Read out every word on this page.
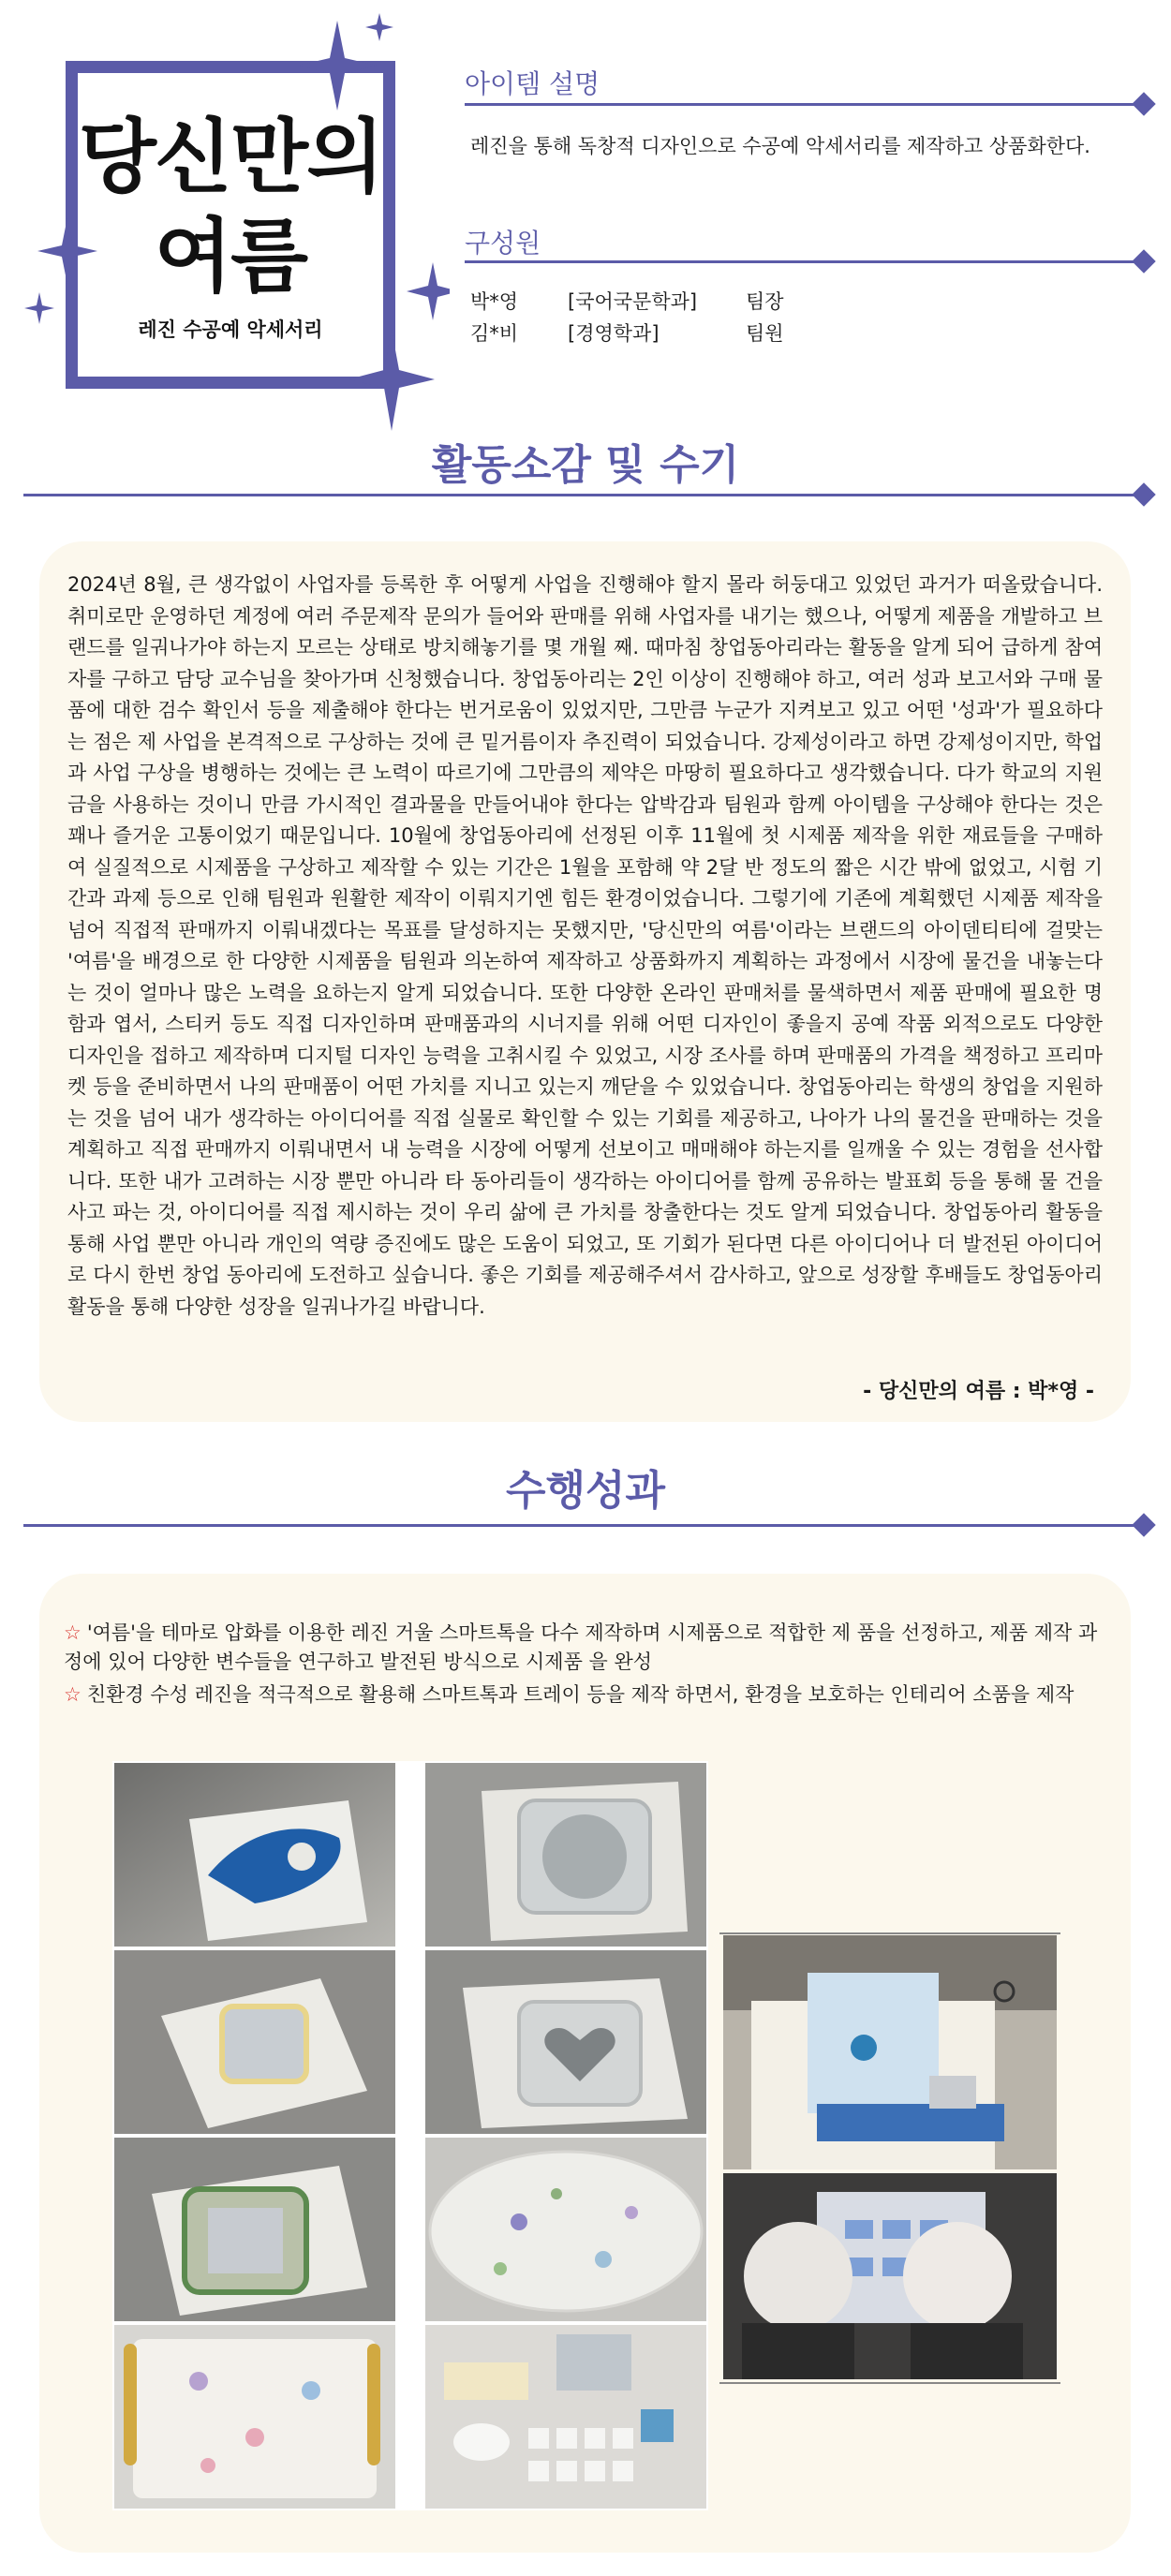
당신만의
여름
레진 수공예 악세서리
아이템 설명
레진을 통해 독창적 디자인으로 수공예 악세서리를 제작하고 상품화한다.
구성원
박*영	[국어국문학과] 팀장
김*비	[경영학과]	팀원
활동소감 및 수기
2024년 8월, 큰 생각없이 사업자를 등록한 후 어떻게 사업을 진행해야 할지 몰라 허둥대고 있었던 과거가 떠올랐습니다. 취미로만 운영하던 계정에 여러 주문제작 문의가 들어와 판매를 위해 사업자를 내기는 했으나, 어떻게 제품을 개발하고 브랜드를 일궈나가야 하는지 모르는 상태로 방치해놓기를 몇 개월 째. 때마침 창업동아리라는 활동을 알게 되어 급하게 참여자를 구하고 담당 교수님을 찾아가며 신청했습니다. 창업동아리는 2인 이상이 진행해야 하고, 여러 성과 보고서와 구매 물품에 대한 검수 확인서 등을 제출해야 한다는 번거로움이 있었지만, 그만큼 누군가 지켜보고 있고 어떤 '성과'가 필요하다는 점은 제 사업을 본격적으로 구상하는 것에 큰 밑거름이자 추진력이 되었습니다. 강제성이라고 하면 강제성이지만, 학업과 사업 구상을 병행하는 것에는 큰 노력이 따르기에 그만큼의 제약은 마땅히 필요하다고 생각했습니다. 다가 학교의 지원금을 사용하는 것이니 만큼 가시적인 결과물을 만들어내야 한다는 압박감과 팀원과 함께 아이템을 구상해야 한다는 것은 꽤나 즐거운 고통이었기 때문입니다. 10월에 창업동아리에 선정된 이후 11월에 첫 시제품 제작을 위한 재료들을 구매하여 실질적으로 시제품을 구상하고 제작할 수 있는 기간은 1월을 포함해 약 2달 반 정도의 짧은 시간 밖에 없었고, 시험 기간과 과제 등으로 인해 팀원과 원활한 제작이 이뤄지기엔 힘든 환경이었습니다. 그렇기에 기존에 계획했던 시제품 제작을 넘어 직접적 판매까지 이뤄내겠다는 목표를 달성하지는 못했지만, '당신만의 여름'이라는 브랜드의 아이덴티티에 걸맞는 '여름'을 배경으로 한 다양한 시제품을 팀원과 의논하여 제작하고 상품화까지 계획하는 과정에서 시장에 물건을 내놓는다는 것이 얼마나 많은 노력을 요하는지 알게 되었습니다. 또한 다양한 온라인 판매처를 물색하면서 제품 판매에 필요한 명함과 엽서, 스티커 등도 직접 디자인하며 판매품과의 시너지를 위해 어떤 디자인이 좋을지 공예 작품 외적으로도 다양한 디자인을 접하고 제작하며 디지털 디자인 능력을 고취시킬 수 있었고, 시장 조사를 하며 판매품의 가격을 책정하고 프리마켓 등을 준비하면서 나의 판매품이 어떤 가치를 지니고 있는지 깨닫을 수 있었습니다. 창업동아리는 학생의 창업을 지원하는 것을 넘어 내가 생각하는 아이디어를 직접 실물로 확인할 수 있는 기회를 제공하고, 나아가 나의 물건을 판매하는 것을 계획하고 직접 판매까지 이뤄내면서 내 능력을 시장에 어떻게 선보이고 매매해야 하는지를 일깨울 수 있는 경험을 선사합니다. 또한 내가 고려하는 시장 뿐만 아니라 타 동아리들이 생각하는 아이디어를 함께 공유하는 발표회 등을 통해 물 건을 사고 파는 것, 아이디어를 직접 제시하는 것이 우리 삶에 큰 가치를 창출한다는 것도 알게 되었습니다. 창업동아리 활동을 통해 사업 뿐만 아니라 개인의 역량 증진에도 많은 도움이 되었고, 또 기회가 된다면 다른 아이디어나 더 발전된 아이디어로 다시 한번 창업 동아리에 도전하고 싶습니다. 좋은 기회를 제공해주셔서 감사하고, 앞으로 성장할 후배들도 창업동아리 활동을 통해 다양한 성장을 일궈나가길 바랍니다.
- 당신만의 여름 : 박*영 -
수행성과
☆ '여름'을 테마로 압화를 이용한 레진 거울 스마트톡을 다수 제작하며 시제품으로 적합한 제 품을 선정하고, 제품 제작 과정에 있어 다양한 변수들을 연구하고 발전된 방식으로 시제품 을 완성
☆ 친환경 수성 레진을 적극적으로 활용해 스마트톡과 트레이 등을 제작 하면서, 환경을 보호하는 인테리어 소품을 제작
